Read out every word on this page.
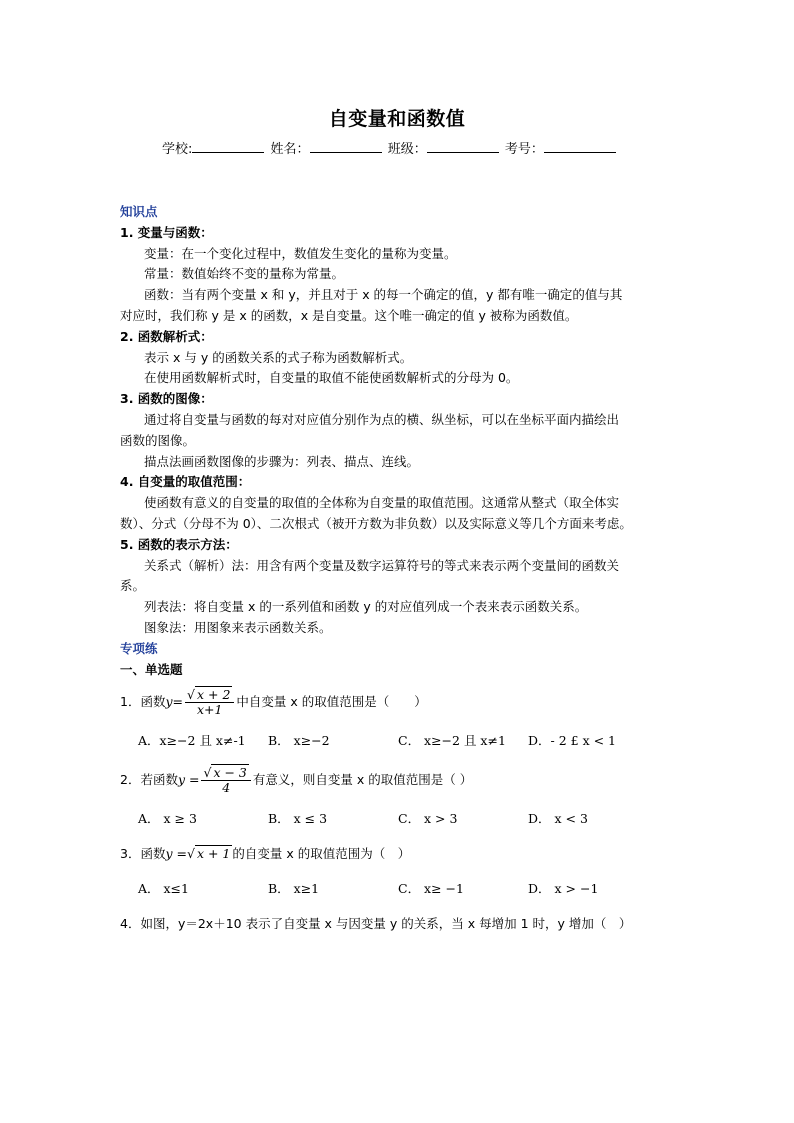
自变量和函数值
学校:	姓名：	班级：	考号：
知识点
1. 变量与函数：
变量：在一个变化过程中，数值发生变化的量称为变量。
常量：数值始终不变的量称为常量。
函数：当有两个变量 x 和 y，并且对于 x 的每一个确定的值，y 都有唯一确定的值与其
对应时，我们称 y 是 x 的函数，x 是自变量。这个唯一确定的值 y 被称为函数值。
2. 函数解析式：
表示 x 与 y 的函数关系的式子称为函数解析式。
在使用函数解析式时，自变量的取值不能使函数解析式的分母为 0。
3. 函数的图像：
通过将自变量与函数的每对对应值分别作为点的横、纵坐标，可以在坐标平面内描绘出
函数的图像。
描点法画函数图像的步骤为：列表、描点、连线。
4. 自变量的取值范围：
使函数有意义的自变量的取值的全体称为自变量的取值范围。这通常从整式（取全体实
数）、分式（分母不为 0）、二次根式（被开方数为非负数）以及实际意义等几个方面来考虑。
5. 函数的表示方法：
关系式（解析）法：用含有两个变量及数字运算符号的等式来表示两个变量间的函数关
系。
列表法：将自变量 x 的一系列值和函数 y 的对应值列成一个表来表示函数关系。
图象法：用图象来表示函数关系。
专项练
一、单选题
1．函数$y= \frac{√ x + 2}{x+1}$ 中自变量 x 的取值范围是（　　）
A．x≥−2 且 x≠-1	B． x≥−2	C． x≥−2 且 x≠1	D．- 2 £ x < 1
2．若函数$y = \frac{√ x - 3}{4}$ 有意义，则自变量 x 的取值范围是（ ）
A． x ≥ 3	B． x ≤ 3	C． x > 3	D． x < 3
3．函数y =√ x + 1 的自变量 x 的取值范围为（　）
A． x≤1	B． x≥1	C． x≥ −1	D． x > −1
4．如图，y＝2x＋10 表示了自变量 x 与因变量 y 的关系，当 x 每增加 1 时，y 增加（　）
